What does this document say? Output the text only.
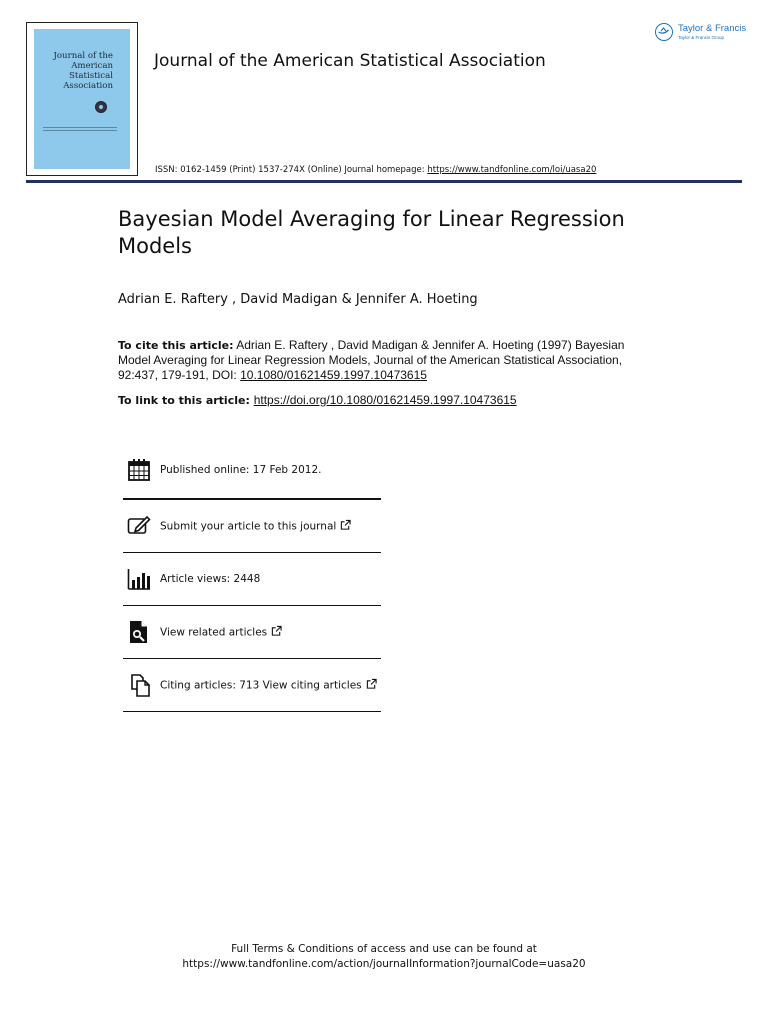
Journal of the
American
Statistical
Association
Journal of the American Statistical Association
Taylor & Francis
Taylor & Francis Group
ISSN: 0162-1459 (Print) 1537-274X (Online) Journal homepage: https://www.tandfonline.com/loi/uasa20
Bayesian Model Averaging for Linear Regression Models
Adrian E. Raftery , David Madigan & Jennifer A. Hoeting
To cite this article: Adrian E. Raftery , David Madigan & Jennifer A. Hoeting (1997) Bayesian Model Averaging for Linear Regression Models, Journal of the American Statistical Association, 92:437, 179-191, DOI: 10.1080/01621459.1997.10473615
To link to this article: https://doi.org/10.1080/01621459.1997.10473615
Published online: 17 Feb 2012.
Submit your article to this journal
Article views: 2448
View related articles
Citing articles: 713 View citing articles
Full Terms & Conditions of access and use can be found at
https://www.tandfonline.com/action/journalInformation?journalCode=uasa20
